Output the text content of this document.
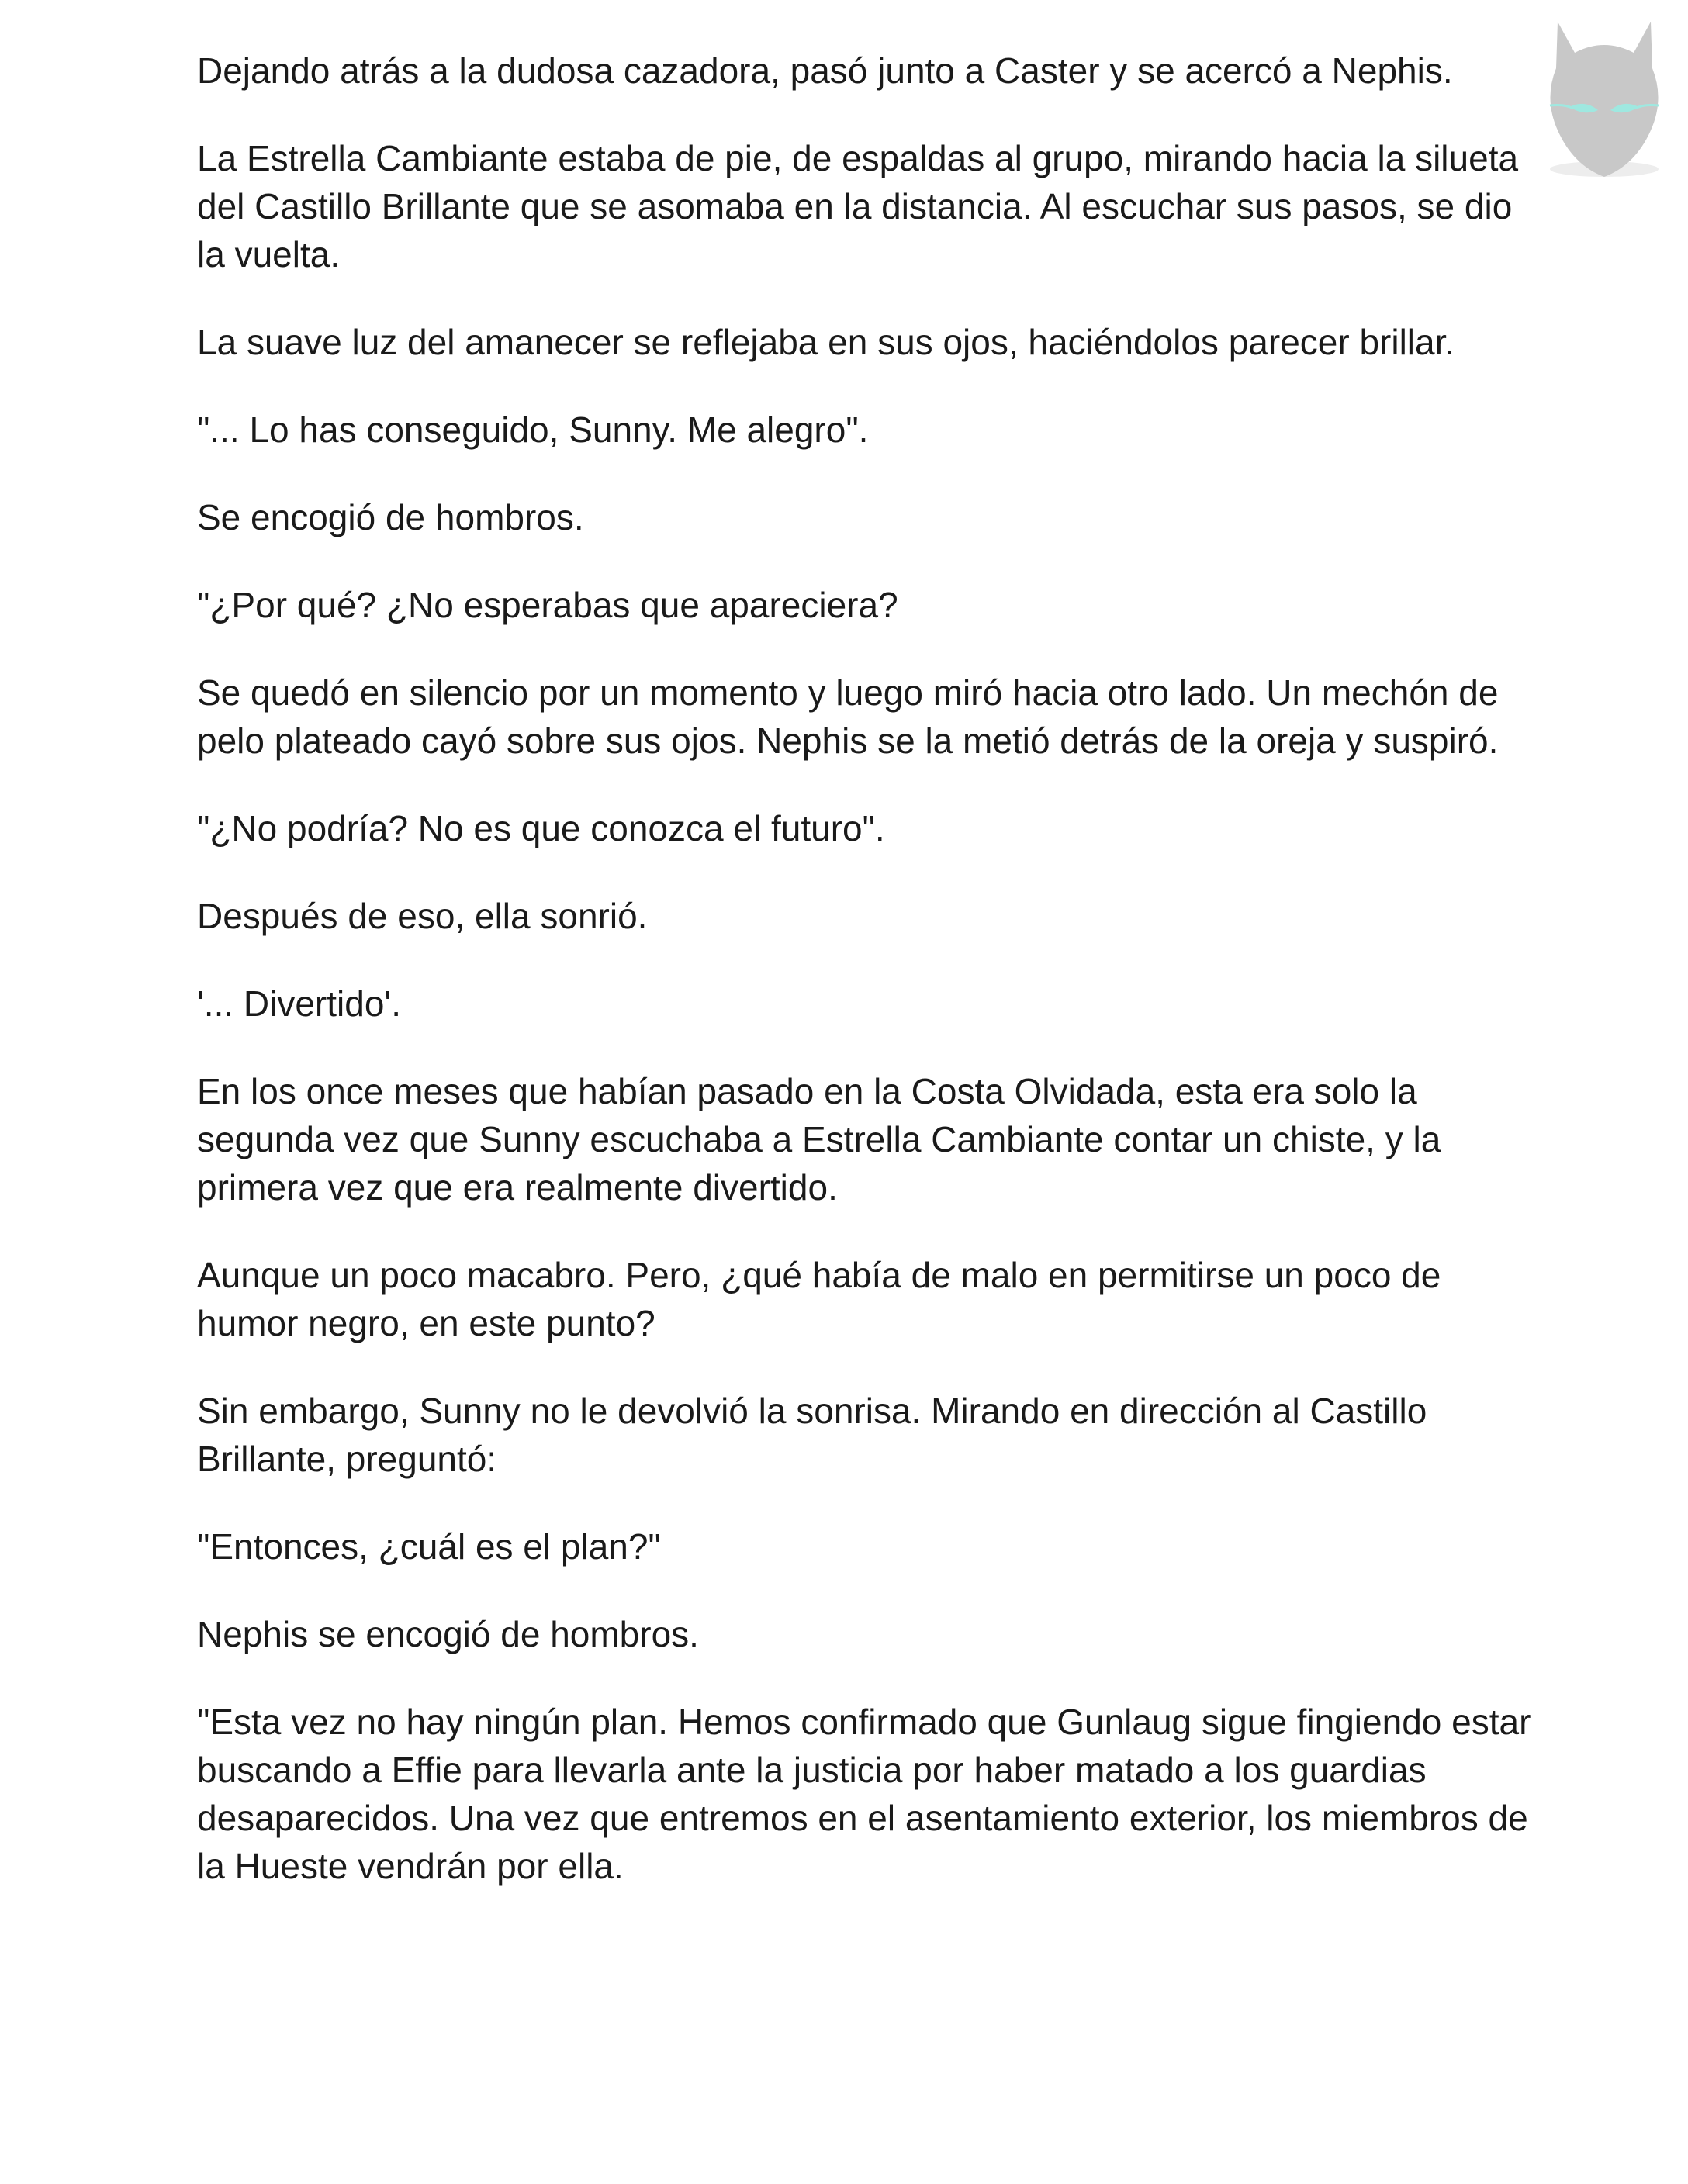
Dejando atrás a la dudosa cazadora, pasó junto a Caster y se acercó a Nephis.

La Estrella Cambiante estaba de pie, de espaldas al grupo, mirando hacia la silueta del Castillo Brillante que se asomaba en la distancia. Al escuchar sus pasos, se dio la vuelta.

La suave luz del amanecer se reflejaba en sus ojos, haciéndolos parecer brillar.

"... Lo has conseguido, Sunny. Me alegro".

Se encogió de hombros.

"¿Por qué? ¿No esperabas que apareciera?

Se quedó en silencio por un momento y luego miró hacia otro lado. Un mechón de pelo plateado cayó sobre sus ojos. Nephis se la metió detrás de la oreja y suspiró.

"¿No podría? No es que conozca el futuro".

Después de eso, ella sonrió.

'... Divertido'.

En los once meses que habían pasado en la Costa Olvidada, esta era solo la segunda vez que Sunny escuchaba a Estrella Cambiante contar un chiste, y la primera vez que era realmente divertido.

Aunque un poco macabro. Pero, ¿qué había de malo en permitirse un poco de humor negro, en este punto?

Sin embargo, Sunny no le devolvió la sonrisa. Mirando en dirección al Castillo Brillante, preguntó:

"Entonces, ¿cuál es el plan?"

Nephis se encogió de hombros.

"Esta vez no hay ningún plan. Hemos confirmado que Gunlaug sigue fingiendo estar buscando a Effie para llevarla ante la justicia por haber matado a los guardias desaparecidos. Una vez que entremos en el asentamiento exterior, los miembros de la Hueste vendrán por ella.
